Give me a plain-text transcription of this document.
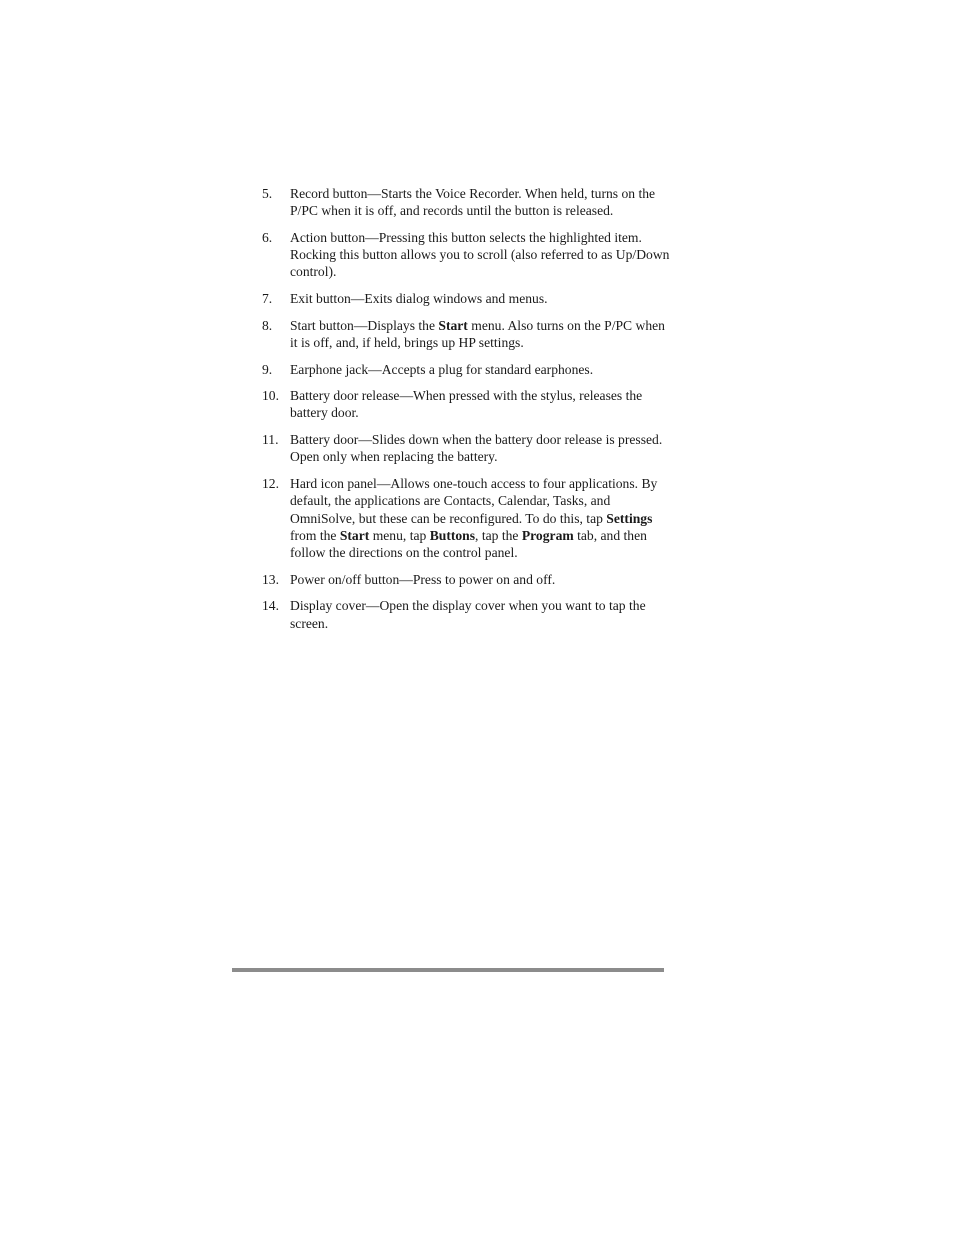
5.	Record button—Starts the Voice Recorder. When held, turns on the P/PC when it is off, and records until the button is released.
6.	Action button—Pressing this button selects the highlighted item. Rocking this button allows you to scroll (also referred to as Up/Down control).
7.	Exit button—Exits dialog windows and menus.
8.	Start button—Displays the Start menu. Also turns on the P/PC when it is off, and, if held, brings up HP settings.
9.	Earphone jack—Accepts a plug for standard earphones.
10. Battery door release—When pressed with the stylus, releases the battery door.
11. Battery door—Slides down when the battery door release is pressed. Open only when replacing the battery.
12. Hard icon panel—Allows one-touch access to four applications. By default, the applications are Contacts, Calendar, Tasks, and OmniSolve, but these can be reconfigured. To do this, tap Settings from the Start menu, tap Buttons, tap the Program tab, and then follow the directions on the control panel.
13. Power on/off button—Press to power on and off.
14. Display cover—Open the display cover when you want to tap the screen.
